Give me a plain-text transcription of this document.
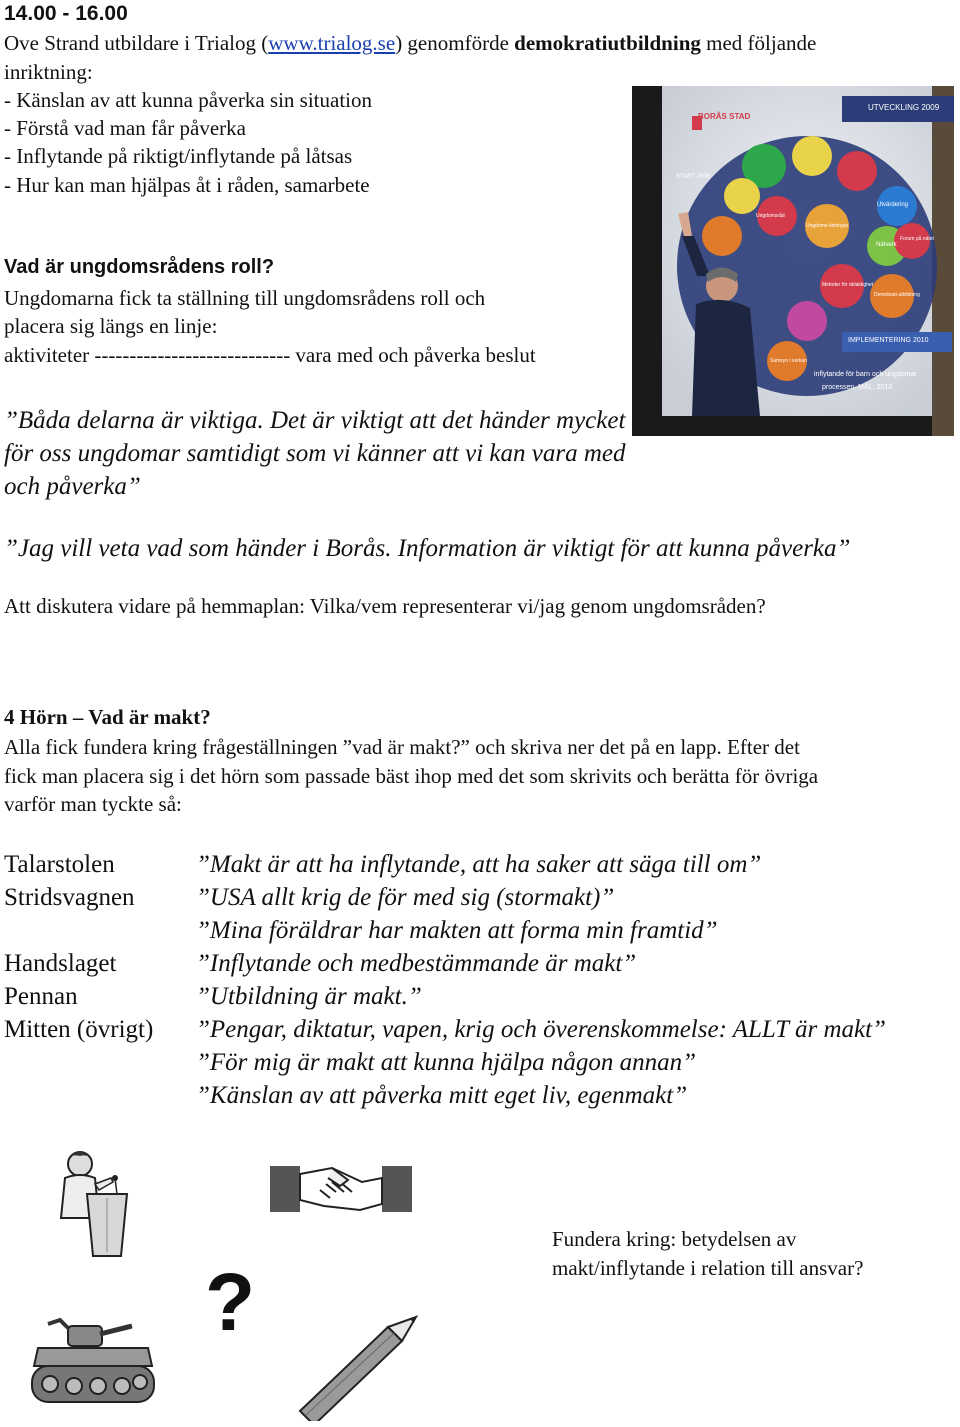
14.00 - 16.00
Ove Strand utbildare i Trialog (www.trialog.se) genomförde demokratiutbildning med följande
inriktning:
- Känslan av att kunna påverka sin situation
- Förstå vad man får påverka
- Inflytande på riktigt/inflytande på låtsas
- Hur kan man hjälpas åt i råden, samarbete
BORÅS STAD
UTVECKLING 2009
START 2008
IMPLEMENTERING 2010
inflytande för barn och ungdomar
processen. MÅL: 2013
Utvärdering
Nätverk
Forum på nätet
Demokrati-utbildning
Ungdoms-tidningar
Metoder för delaktighet
Samsyn i verkan
Ungdomsråd
Vad är ungdomsrådens roll?
Ungdomarna fick ta ställning till ungdomsrådens roll och
placera sig längs en linje:
aktiviteter ---------------------------- vara med och påverka beslut
”Båda delarna är viktiga. Det är viktigt att det händer mycket
för oss ungdomar samtidigt som vi känner att vi kan vara med
och påverka”
”Jag vill veta vad som händer i Borås. Information är viktigt för att kunna påverka”
Att diskutera vidare på hemmaplan: Vilka/vem representerar vi/jag genom ungdomsråden?
4 Hörn – Vad är makt?
Alla fick fundera kring frågeställningen ”vad är makt?” och skriva ner det på en lapp. Efter det
fick man placera sig i det hörn som passade bäst ihop med det som skrivits och berätta för övriga
varför man tyckte så:
Talarstolen
Stridsvagnen
Handslaget
Pennan
Mitten (övrigt)
”Makt är att ha inflytande, att ha saker att säga till om”
”USA allt krig de för med sig (stormakt)”
”Mina föräldrar har makten att forma min framtid”
”Inflytande och medbestämmande är makt”
”Utbildning är makt.”
”Pengar, diktatur, vapen, krig och överenskommelse: ALLT är makt”
”För mig är makt att kunna hjälpa någon annan”
”Känslan av att påverka mitt eget liv, egenmakt”
?
Fundera kring: betydelsen av
makt/inflytande i relation till ansvar?
